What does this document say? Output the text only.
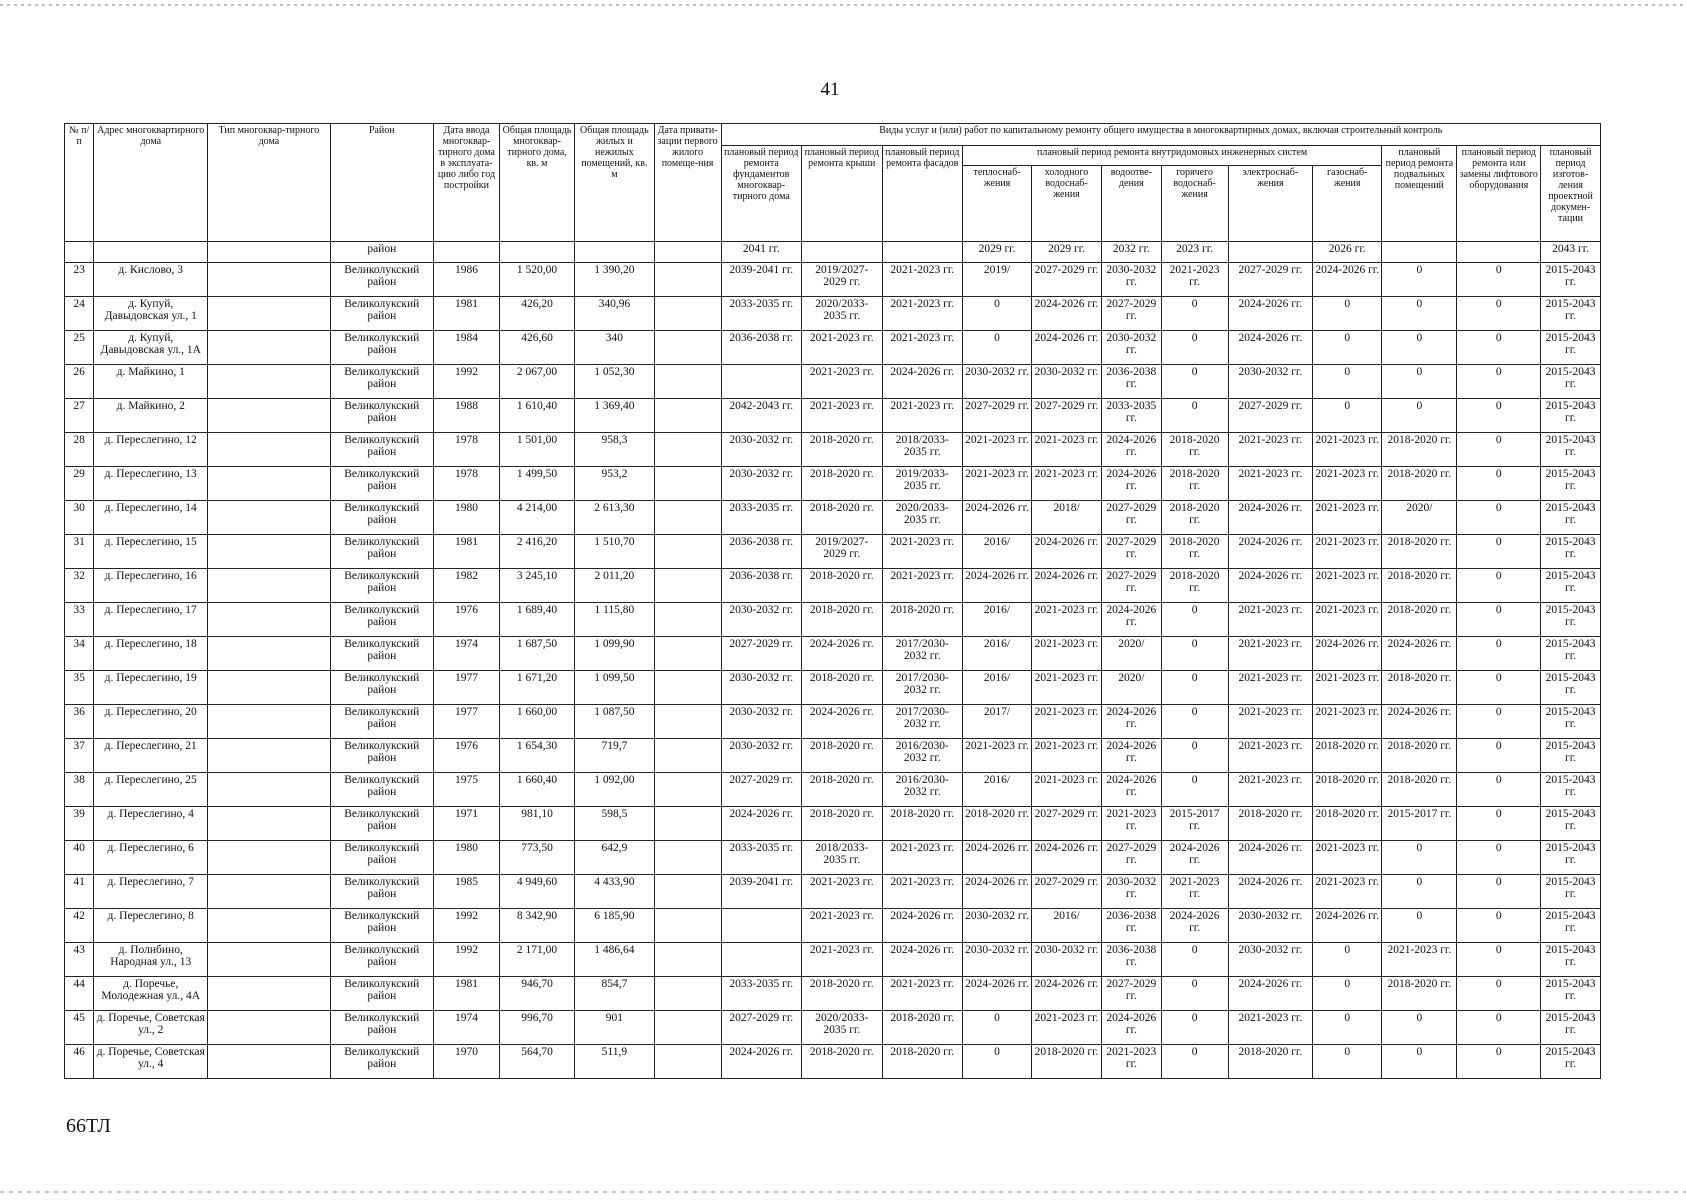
41
№ п/п	Адрес многоквартирного дома	Тип многоквар-тирного дома	Район	Дата ввода многоквар-тирного дома в эксплуата-цию либо год постройки	Общая площадь многоквар-тирного дома, кв. м	Общая площадь жилых и нежилых помещений, кв. м	Дата привати-зации первого жилого помеще-ния	Виды услуг и (или) работ по капитальному ремонту общего имущества в многоквартирных домах, включая строительный контроль											
								плановый период ремонта фундаментов многоквар-тирного дома	плановый период ремонта крыши	плановый период ремонта фасадов	плановый период ремонта внутридомовых инженерных систем						плановый период ремонта подвальных помещений	плановый период ремонта или замены лифтового оборудования	плановый период изготов-ления проектной докумен-тации
											теплоснаб-жения	холодного водоснаб-жения	водоотве-дения	горячего водоснаб-жения	электроснаб-жения	газоснаб-жения			
			район					2041 гг.			2029 гг.	2029 гг.	2032 гг.	2023 гг.		2026 гг.			2043 гг.
23	д. Кислово, 3		Великолукский район	1986	1 520,00	1 390,20		2039-2041 гг.	2019/2027-2029 гг.	2021-2023 гг.	2019/	2027-2029 гг.	2030-2032 гг.	2021-2023 гг.	2027-2029 гг.	2024-2026 гг.	0	0	2015-2043 гг.
24	д. Купуй, Давыдовская ул., 1		Великолукский район	1981	426,20	340,96		2033-2035 гг.	2020/2033-2035 гг.	2021-2023 гг.	0	2024-2026 гг.	2027-2029 гг.	0	2024-2026 гг.	0	0	0	2015-2043 гг.
25	д. Купуй, Давыдовская ул., 1А		Великолукский район	1984	426,60	340		2036-2038 гг.	2021-2023 гг.	2021-2023 гг.	0	2024-2026 гг.	2030-2032 гг.	0	2024-2026 гг.	0	0	0	2015-2043 гг.
26	д. Майкино, 1		Великолукский район	1992	2 067,00	1 052,30			2021-2023 гг.	2024-2026 гг.	2030-2032 гг.	2030-2032 гг.	2036-2038 гг.	0	2030-2032 гг.	0	0	0	2015-2043 гг.
27	д. Майкино, 2		Великолукский район	1988	1 610,40	1 369,40		2042-2043 гг.	2021-2023 гг.	2021-2023 гг.	2027-2029 гг.	2027-2029 гг.	2033-2035 гг.	0	2027-2029 гг.	0	0	0	2015-2043 гг.
28	д. Переслегино, 12		Великолукский район	1978	1 501,00	958,3		2030-2032 гг.	2018-2020 гг.	2018/2033-2035 гг.	2021-2023 гг.	2021-2023 гг.	2024-2026 гг.	2018-2020 гг.	2021-2023 гг.	2021-2023 гг.	2018-2020 гг.	0	2015-2043 гг.
29	д. Переслегино, 13		Великолукский район	1978	1 499,50	953,2		2030-2032 гг.	2018-2020 гг.	2019/2033-2035 гг.	2021-2023 гг.	2021-2023 гг.	2024-2026 гг.	2018-2020 гг.	2021-2023 гг.	2021-2023 гг.	2018-2020 гг.	0	2015-2043 гг.
30	д. Переслегино, 14		Великолукский район	1980	4 214,00	2 613,30		2033-2035 гг.	2018-2020 гг.	2020/2033-2035 гг.	2024-2026 гг.	2018/	2027-2029 гг.	2018-2020 гг.	2024-2026 гг.	2021-2023 гг.	2020/	0	2015-2043 гг.
31	д. Переслегино, 15		Великолукский район	1981	2 416,20	1 510,70		2036-2038 гг.	2019/2027-2029 гг.	2021-2023 гг.	2016/	2024-2026 гг.	2027-2029 гг.	2018-2020 гг.	2024-2026 гг.	2021-2023 гг.	2018-2020 гг.	0	2015-2043 гг.
32	д. Переслегино, 16		Великолукский район	1982	3 245,10	2 011,20		2036-2038 гг.	2018-2020 гг.	2021-2023 гг.	2024-2026 гг.	2024-2026 гг.	2027-2029 гг.	2018-2020 гг.	2024-2026 гг.	2021-2023 гг.	2018-2020 гг.	0	2015-2043 гг.
33	д. Переслегино, 17		Великолукский район	1976	1 689,40	1 115,80		2030-2032 гг.	2018-2020 гг.	2018-2020 гг.	2016/	2021-2023 гг.	2024-2026 гг.	0	2021-2023 гг.	2021-2023 гг.	2018-2020 гг.	0	2015-2043 гг.
34	д. Переслегино, 18		Великолукский район	1974	1 687,50	1 099,90		2027-2029 гг.	2024-2026 гг.	2017/2030-2032 гг.	2016/	2021-2023 гг.	2020/	0	2021-2023 гг.	2024-2026 гг.	2024-2026 гг.	0	2015-2043 гг.
35	д. Переслегино, 19		Великолукский район	1977	1 671,20	1 099,50		2030-2032 гг.	2018-2020 гг.	2017/2030-2032 гг.	2016/	2021-2023 гг.	2020/	0	2021-2023 гг.	2021-2023 гг.	2018-2020 гг.	0	2015-2043 гг.
36	д. Переслегино, 20		Великолукский район	1977	1 660,00	1 087,50		2030-2032 гг.	2024-2026 гг.	2017/2030-2032 гг.	2017/	2021-2023 гг.	2024-2026 гг.	0	2021-2023 гг.	2021-2023 гг.	2024-2026 гг.	0	2015-2043 гг.
37	д. Переслегино, 21		Великолукский район	1976	1 654,30	719,7		2030-2032 гг.	2018-2020 гг.	2016/2030-2032 гг.	2021-2023 гг.	2021-2023 гг.	2024-2026 гг.	0	2021-2023 гг.	2018-2020 гг.	2018-2020 гг.	0	2015-2043 гг.
38	д. Переслегино, 25		Великолукский район	1975	1 660,40	1 092,00		2027-2029 гг.	2018-2020 гг.	2016/2030-2032 гг.	2016/	2021-2023 гг.	2024-2026 гг.	0	2021-2023 гг.	2018-2020 гг.	2018-2020 гг.	0	2015-2043 гг.
39	д. Переслегино, 4		Великолукский район	1971	981,10	598,5		2024-2026 гг.	2018-2020 гг.	2018-2020 гг.	2018-2020 гг.	2027-2029 гг.	2021-2023 гг.	2015-2017 гг.	2018-2020 гг.	2018-2020 гг.	2015-2017 гг.	0	2015-2043 гг.
40	д. Переслегино, 6		Великолукский район	1980	773,50	642,9		2033-2035 гг.	2018/2033-2035 гг.	2021-2023 гг.	2024-2026 гг.	2024-2026 гг.	2027-2029 гг.	2024-2026 гг.	2024-2026 гг.	2021-2023 гг.	0	0	2015-2043 гг.
41	д. Переслегино, 7		Великолукский район	1985	4 949,60	4 433,90		2039-2041 гг.	2021-2023 гг.	2021-2023 гг.	2024-2026 гг.	2027-2029 гг.	2030-2032 гг.	2021-2023 гг.	2024-2026 гг.	2021-2023 гг.	0	0	2015-2043 гг.
42	д. Переслегино, 8		Великолукский район	1992	8 342,90	6 185,90			2021-2023 гг.	2024-2026 гг.	2030-2032 гг.	2016/	2036-2038 гг.	2024-2026 гг.	2030-2032 гг.	2024-2026 гг.	0	0	2015-2043 гг.
43	д. Полибино, Народная ул., 13		Великолукский район	1992	2 171,00	1 486,64			2021-2023 гг.	2024-2026 гг.	2030-2032 гг.	2030-2032 гг.	2036-2038 гг.	0	2030-2032 гг.	0	2021-2023 гг.	0	2015-2043 гг.
44	д. Поречье, Молодежная ул., 4А		Великолукский район	1981	946,70	854,7		2033-2035 гг.	2018-2020 гг.	2021-2023 гг.	2024-2026 гг.	2024-2026 гг.	2027-2029 гг.	0	2024-2026 гг.	0	2018-2020 гг.	0	2015-2043 гг.
45	д. Поречье, Советская ул., 2		Великолукский район	1974	996,70	901		2027-2029 гг.	2020/2033-2035 гг.	2018-2020 гг.	0	2021-2023 гг.	2024-2026 гг.	0	2021-2023 гг.	0	0	0	2015-2043 гг.
46	д. Поречье, Советская ул., 4		Великолукский район	1970	564,70	511,9		2024-2026 гг.	2018-2020 гг.	2018-2020 гг.	0	2018-2020 гг.	2021-2023 гг.	0	2018-2020 гг.	0	0	0	2015-2043 гг.
66ТЛ
